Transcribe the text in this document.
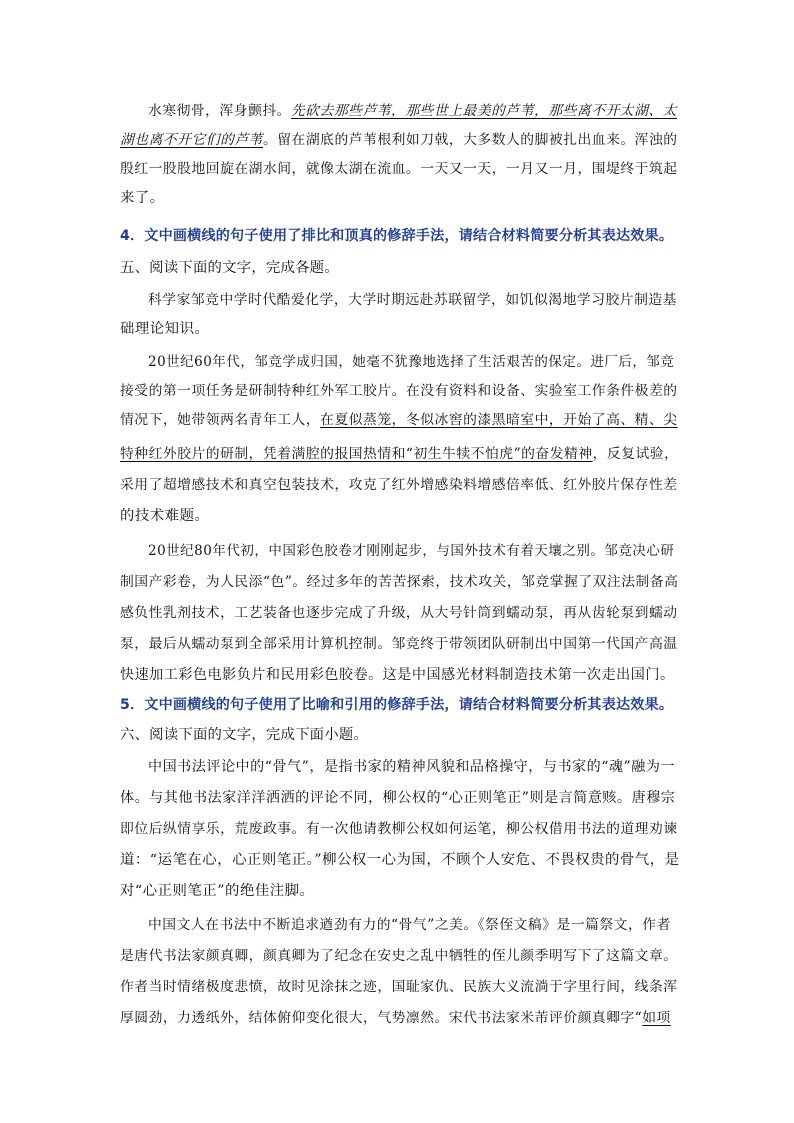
水寒彻骨，浑身颤抖。先砍去那些芦苇，那些世上最美的芦苇，那些离不开太湖、太
湖也离不开它们的芦苇。留在湖底的芦苇根利如刀戟，大多数人的脚被扎出血来。浑浊的
殷红一股股地回旋在湖水间，就像太湖在流血。一天又一天，一月又一月，围堤终于筑起
来了。
4．文中画横线的句子使用了排比和顶真的修辞手法，请结合材料简要分析其表达效果。
五、阅读下面的文字，完成各题。
科学家邹竞中学时代酷爱化学，大学时期远赴苏联留学，如饥似渴地学习胶片制造基
础理论知识。
20世纪60年代，邹竞学成归国，她毫不犹豫地选择了生活艰苦的保定。进厂后，邹竞
接受的第一项任务是研制特种红外军工胶片。在没有资料和设备、实验室工作条件极差的
情况下，她带领两名青年工人，在夏似蒸笼，冬似冰窖的漆黑暗室中，开始了高、精、尖
特种红外胶片的研制，凭着满腔的报国热情和“初生牛犊不怕虎”的奋发精神，反复试验，
采用了超增感技术和真空包装技术，攻克了红外增感染料增感倍率低、红外胶片保存性差
的技术难题。
20世纪80年代初，中国彩色胶卷才刚刚起步，与国外技术有着天壤之别。邹竞决心研
制国产彩卷，为人民添“色”。经过多年的苦苦探索，技术攻关，邹竞掌握了双注法制备高
感负性乳剂技术，工艺装备也逐步完成了升级，从大号针筒到蠕动泵，再从齿轮泵到蠕动
泵，最后从蠕动泵到全部采用计算机控制。邹竞终于带领团队研制出中国第一代国产高温
快速加工彩色电影负片和民用彩色胶卷。这是中国感光材料制造技术第一次走出国门。
5．文中画横线的句子使用了比喻和引用的修辞手法，请结合材料简要分析其表达效果。
六、阅读下面的文字，完成下面小题。
中国书法评论中的“骨气”，是指书家的精神风貌和品格操守，与书家的“魂”融为一
体。与其他书法家洋洋洒洒的评论不同，柳公权的“心正则笔正”则是言简意赅。唐穆宗
即位后纵情享乐，荒废政事。有一次他请教柳公权如何运笔，柳公权借用书法的道理劝谏
道：“运笔在心，心正则笔正。”柳公权一心为国，不顾个人安危、不畏权贵的骨气，是
对“心正则笔正”的绝佳注脚。
中国文人在书法中不断追求遒劲有力的“骨气”之美。《祭侄文稿》是一篇祭文，作者
是唐代书法家颜真卿，颜真卿为了纪念在安史之乱中牺牲的侄儿颜季明写下了这篇文章。
作者当时情绪极度悲愤，故时见涂抹之迹，国耻家仇、民族大义流淌于字里行间，线条浑
厚圆劲，力透纸外，结体俯仰变化很大，气势凛然。宋代书法家米芾评价颜真卿字“如项
